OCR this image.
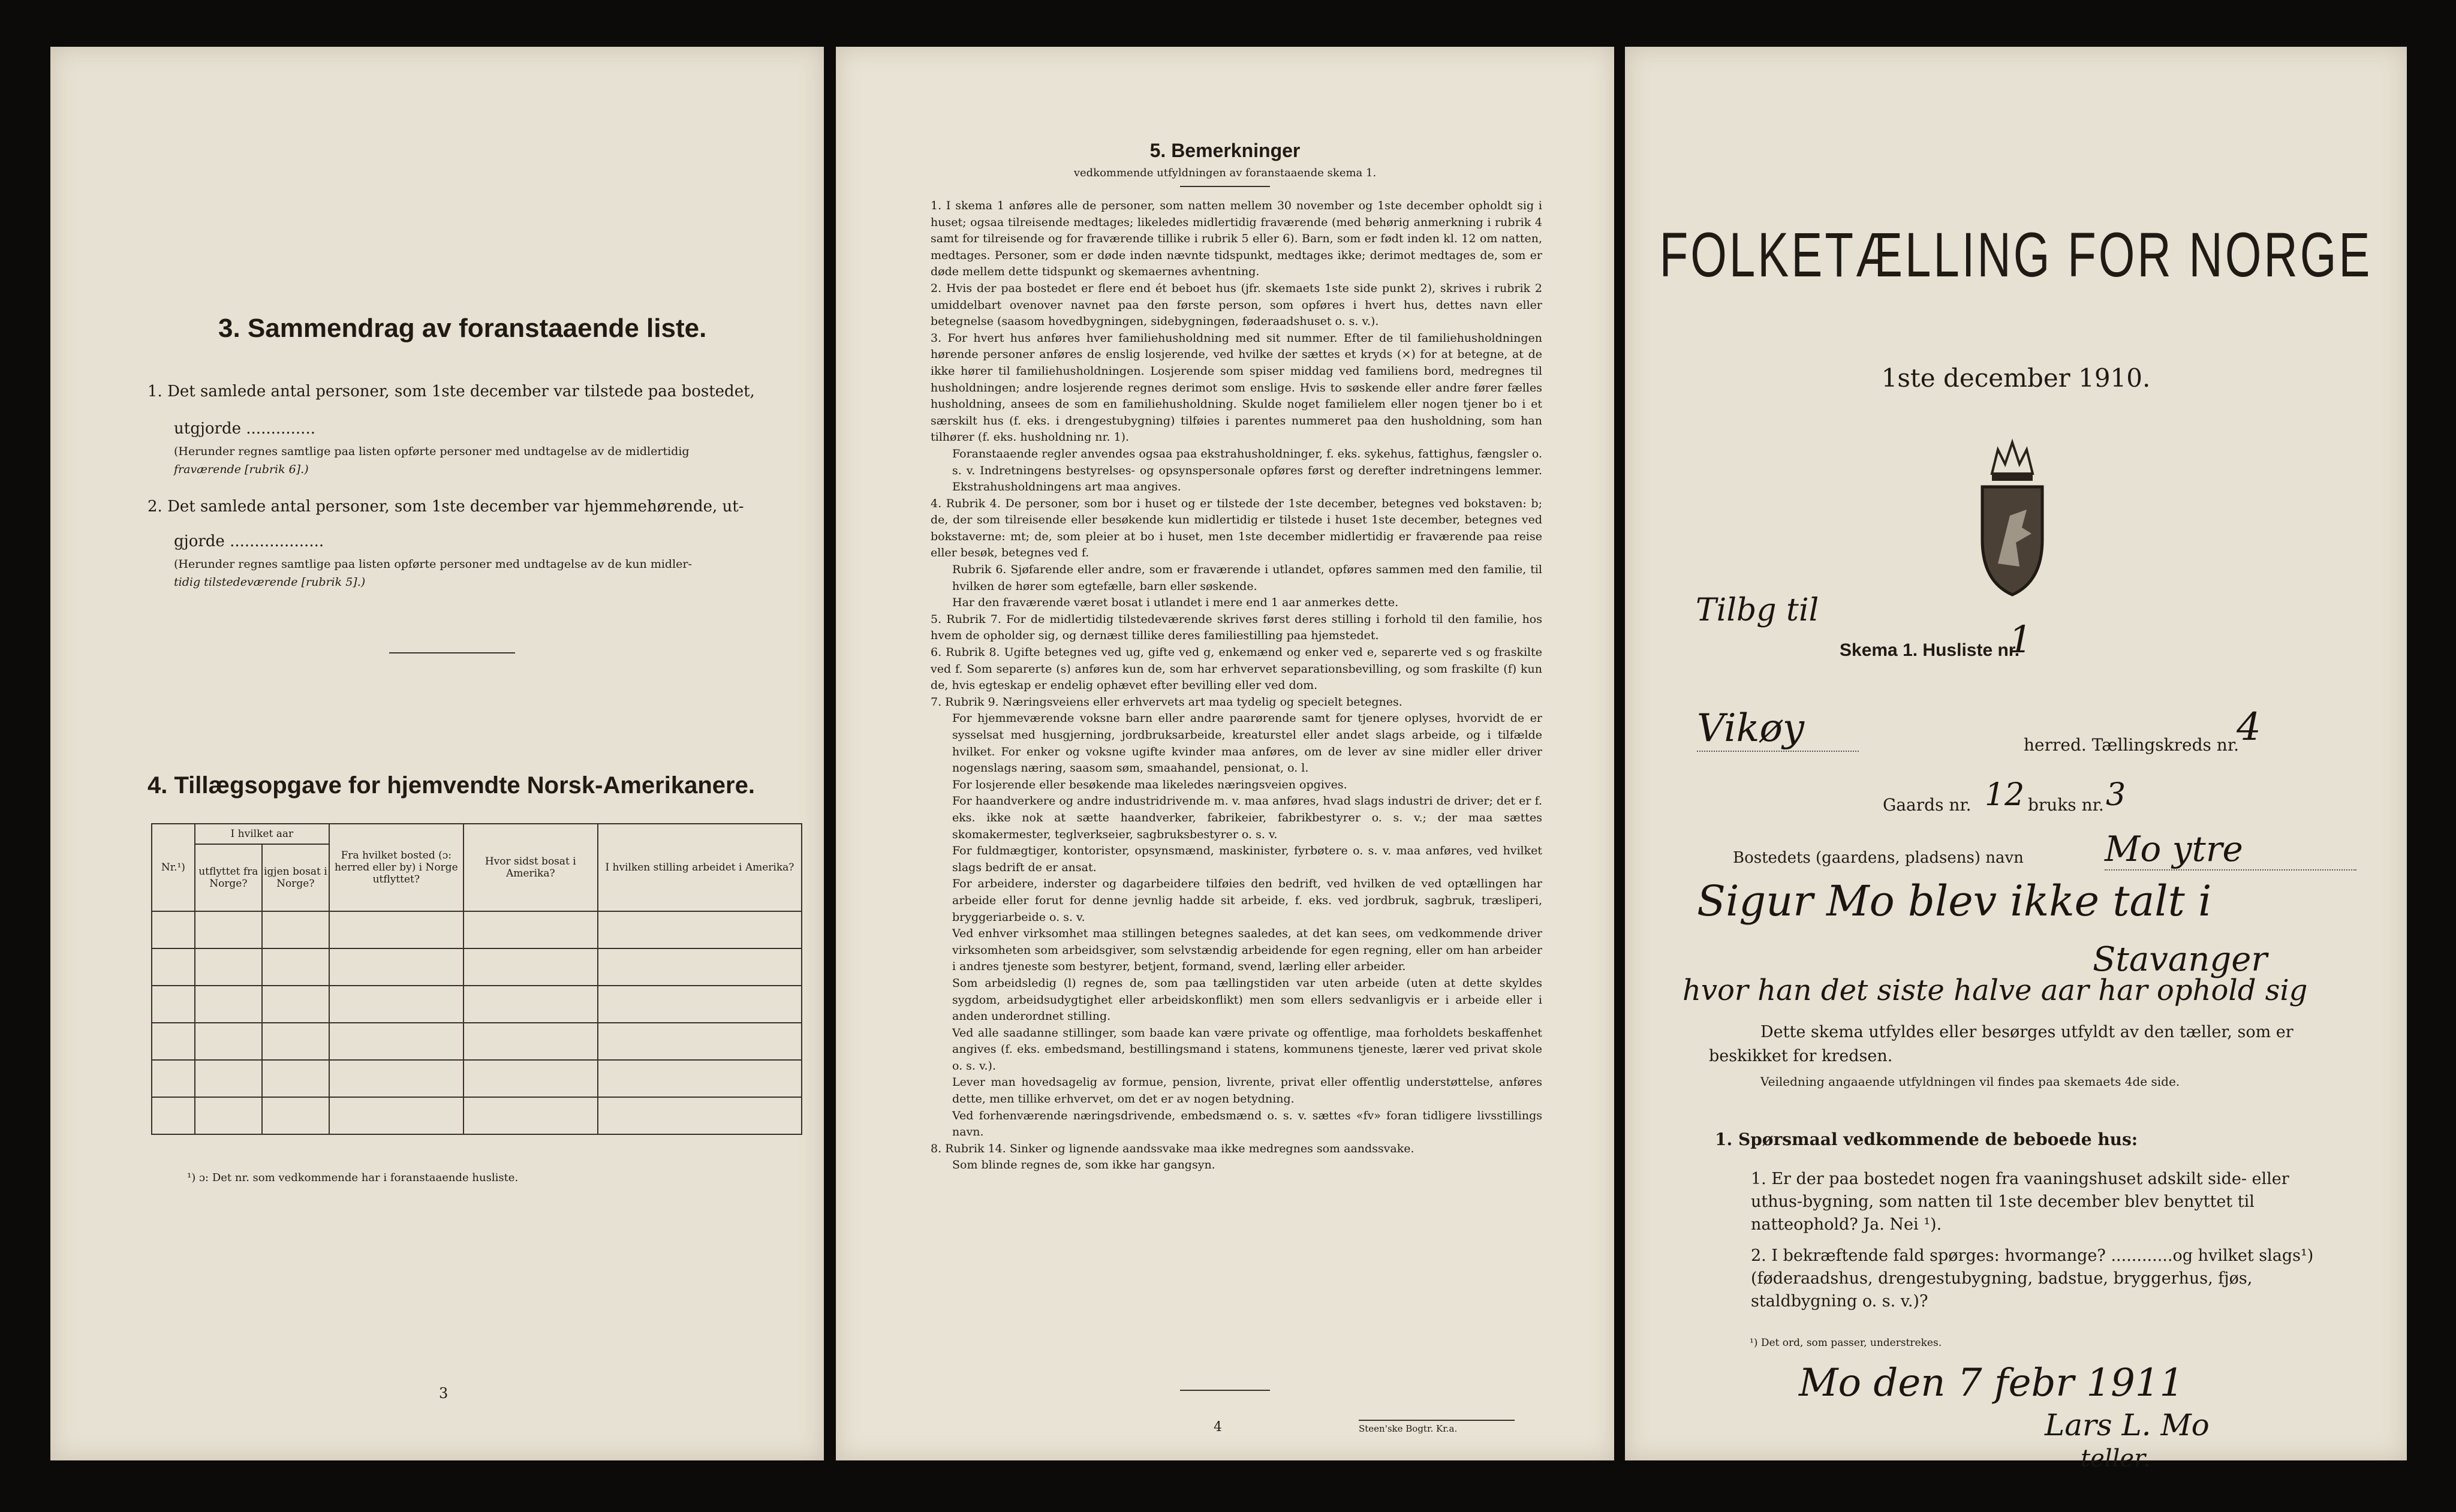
3. Sammendrag av foranstaaende liste.
1. Det samlede antal personer, som 1ste december var tilstede paa bostedet,
utgjorde ..............
(Herunder regnes samtlige paa listen opførte personer med undtagelse av de midlertidig
fraværende [rubrik 6].)
2. Det samlede antal personer, som 1ste december var hjemmehørende, ut-
gjorde ...................
(Herunder regnes samtlige paa listen opførte personer med undtagelse av de kun midler-
tidig tilstedeværende [rubrik 5].)
4. Tillægsopgave for hjemvendte Norsk-Amerikanere.
Nr.¹)	I hvilket aar		Fra hvilket bosted (ɔ: herred eller by) i Norge utflyttet?	Hvor sidst bosat i Amerika?	I hvilken stilling arbeidet i Amerika?
	utflyttet fra Norge?	igjen bosat i Norge?			

¹) ɔ: Det nr. som vedkommende har i foranstaaende husliste.
3
5. Bemerkninger
vedkommende utfyldningen av foranstaaende skema 1.

1. I skema 1 anføres alle de personer, som natten mellem 30 november og 1ste december opholdt sig i huset; ogsaa tilreisende medtages; likeledes midlertidig fraværende (med behørig anmerkning i rubrik 4 samt for tilreisende og for fraværende tillike i rubrik 5 eller 6). Barn, som er født inden kl. 12 om natten, medtages. Personer, som er døde inden nævnte tidspunkt, medtages ikke; derimot medtages de, som er døde mellem dette tidspunkt og skemaernes avhentning.

2. Hvis der paa bostedet er flere end ét beboet hus (jfr. skemaets 1ste side punkt 2), skrives i rubrik 2 umiddelbart ovenover navnet paa den første person, som opføres i hvert hus, dettes navn eller betegnelse (saasom hovedbygningen, sidebygningen, føderaadshuset o. s. v.).

3. For hvert hus anføres hver familiehusholdning med sit nummer. Efter de til familiehusholdningen hørende personer anføres de enslig losjerende, ved hvilke der sættes et kryds (×) for at betegne, at de ikke hører til familiehusholdningen. Losjerende som spiser middag ved familiens bord, medregnes til husholdningen; andre losjerende regnes derimot som enslige. Hvis to søskende eller andre fører fælles husholdning, ansees de som en familiehusholdning. Skulde noget familielem eller nogen tjener bo i et særskilt hus (f. eks. i drengestubygning) tilføies i parentes nummeret paa den husholdning, som han tilhører (f. eks. husholdning nr. 1).

Foranstaaende regler anvendes ogsaa paa ekstrahusholdninger, f. eks. sykehus, fattighus, fængsler o. s. v. Indretningens bestyrelses- og opsynspersonale opføres først og derefter indretningens lemmer. Ekstrahusholdningens art maa angives.

4. Rubrik 4. De personer, som bor i huset og er tilstede der 1ste december, betegnes ved bokstaven: b; de, der som tilreisende eller besøkende kun midlertidig er tilstede i huset 1ste december, betegnes ved bokstaverne: mt; de, som pleier at bo i huset, men 1ste december midlertidig er fraværende paa reise eller besøk, betegnes ved f.

Rubrik 6. Sjøfarende eller andre, som er fraværende i utlandet, opføres sammen med den familie, til hvilken de hører som egtefælle, barn eller søskende.

Har den fraværende været bosat i utlandet i mere end 1 aar anmerkes dette.

5. Rubrik 7. For de midlertidig tilstedeværende skrives først deres stilling i forhold til den familie, hos hvem de opholder sig, og dernæst tillike deres familiestilling paa hjemstedet.

6. Rubrik 8. Ugifte betegnes ved ug, gifte ved g, enkemænd og enker ved e, separerte ved s og fraskilte ved f. Som separerte (s) anføres kun de, som har erhvervet separationsbevilling, og som fraskilte (f) kun de, hvis egteskap er endelig ophævet efter bevilling eller ved dom.

7. Rubrik 9. Næringsveiens eller erhvervets art maa tydelig og specielt betegnes.

For hjemmeværende voksne barn eller andre paarørende samt for tjenere oplyses, hvorvidt de er sysselsat med husgjerning, jordbruksarbeide, kreaturstel eller andet slags arbeide, og i tilfælde hvilket. For enker og voksne ugifte kvinder maa anføres, om de lever av sine midler eller driver nogenslags næring, saasom søm, smaahandel, pensionat, o. l.

For losjerende eller besøkende maa likeledes næringsveien opgives.

For haandverkere og andre industridrivende m. v. maa anføres, hvad slags industri de driver; det er f. eks. ikke nok at sætte haandverker, fabrikeier, fabrikbestyrer o. s. v.; der maa sættes skomakermester, teglverkseier, sagbruksbestyrer o. s. v.

For fuldmægtiger, kontorister, opsynsmænd, maskinister, fyrbøtere o. s. v. maa anføres, ved hvilket slags bedrift de er ansat.

For arbeidere, inderster og dagarbeidere tilføies den bedrift, ved hvilken de ved optællingen har arbeide eller forut for denne jevnlig hadde sit arbeide, f. eks. ved jordbruk, sagbruk, træsliperi, bryggeriarbeide o. s. v.

Ved enhver virksomhet maa stillingen betegnes saaledes, at det kan sees, om vedkommende driver virksomheten som arbeidsgiver, som selvstændig arbeidende for egen regning, eller om han arbeider i andres tjeneste som bestyrer, betjent, formand, svend, lærling eller arbeider.

Som arbeidsledig (l) regnes de, som paa tællingstiden var uten arbeide (uten at dette skyldes sygdom, arbeidsudygtighet eller arbeidskonflikt) men som ellers sedvanligvis er i arbeide eller i anden underordnet stilling.

Ved alle saadanne stillinger, som baade kan være private og offentlige, maa forholdets beskaffenhet angives (f. eks. embedsmand, bestillingsmand i statens, kommunens tjeneste, lærer ved privat skole o. s. v.).

Lever man hovedsagelig av formue, pension, livrente, privat eller offentlig understøttelse, anføres dette, men tillike erhvervet, om det er av nogen betydning.

Ved forhenværende næringsdrivende, embedsmænd o. s. v. sættes «fv» foran tidligere livsstillings navn.

8. Rubrik 14. Sinker og lignende aandssvake maa ikke medregnes som aandssvake.

Som blinde regnes de, som ikke har gangsyn.

4	Steen'ske Bogtr. Kr.a.
FOLKETÆLLING FOR NORGE
1ste december 1910.
Tilbg til
Skema 1. Husliste nr.
1
Vikøy	herred. Tællingskreds nr.
4
Gaards nr. 12 bruks nr. 3
Bostedets (gaardens, pladsens) navn Mo ytre
Sigur Mo blev ikke talt i
Stavanger
hvor han det siste halve aar har ophold sig
Dette skema utfyldes eller besørges utfyldt av den tæller, som er beskikket for kredsen.
Veiledning angaaende utfyldningen vil findes paa skemaets 4de side.
1. Spørsmaal vedkommende de beboede hus:
1. Er der paa bostedet nogen fra vaaningshuset adskilt side- eller uthus-bygning, som natten til 1ste december blev benyttet til natteophold? Ja. Nei ¹).
2. I bekræftende fald spørges: hvormange? ............og hvilket slags¹) (føderaadshus, drengestubygning, badstue, bryggerhus, fjøs, staldbygning o. s. v.)?
¹) Det ord, som passer, understrekes.
Mo den 7 febr 1911
Lars L. Mo
teller.
